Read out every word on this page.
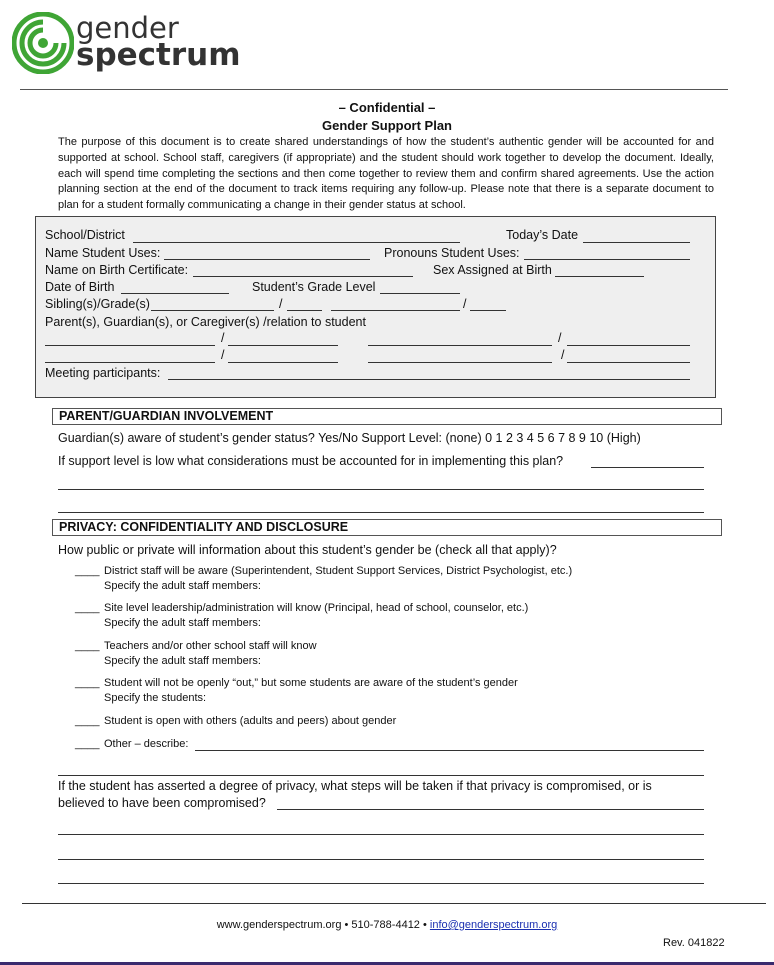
gender
spectrum
– Confidential –
Gender Support Plan
The purpose of this document is to create shared understandings of how the student’s authentic gender will be accounted for and supported at school. School staff, caregivers (if appropriate) and the student should work together to develop the document. Ideally, each will spend time completing the sections and then come together to review them and confirm shared agreements. Use the action planning section at the end of the document to track items requiring any follow-up. Please note that there is a separate document to plan for a student formally communicating a change in their gender status at school.
School/District	Today’s Date
Name Student Uses:	Pronouns Student Uses:
Name on Birth Certificate:	Sex Assigned at Birth
Date of Birth	Student’s Grade Level
Sibling(s)/Grade(s)	/	/
Parent(s), Guardian(s), or Caregiver(s) /relation to student
/	/
/	/
Meeting participants:
PARENT/GUARDIAN INVOLVEMENT
Guardian(s) aware of student’s gender status? Yes/No Support Level: (none) 0 1 2 3 4 5 6 7 8 9 10 (High)
If support level is low what considerations must be accounted for in implementing this plan?
PRIVACY: CONFIDENTIALITY AND DISCLOSURE
How public or private will information about this student’s gender be (check all that apply)?
____ District staff will be aware (Superintendent, Student Support Services, District Psychologist, etc.)
Specify the adult staff members:
____ Site level leadership/administration will know (Principal, head of school, counselor, etc.)
Specify the adult staff members:
____ Teachers and/or other school staff will know
Specify the adult staff members:
____ Student will not be openly “out,” but some students are aware of the student’s gender
Specify the students:
____ Student is open with others (adults and peers) about gender
____ Other – describe:
If the student has asserted a degree of privacy, what steps will be taken if that privacy is compromised, or is
believed to have been compromised?
www.genderspectrum.org • 510-788-4412 • info@genderspectrum.org
Rev. 041822
